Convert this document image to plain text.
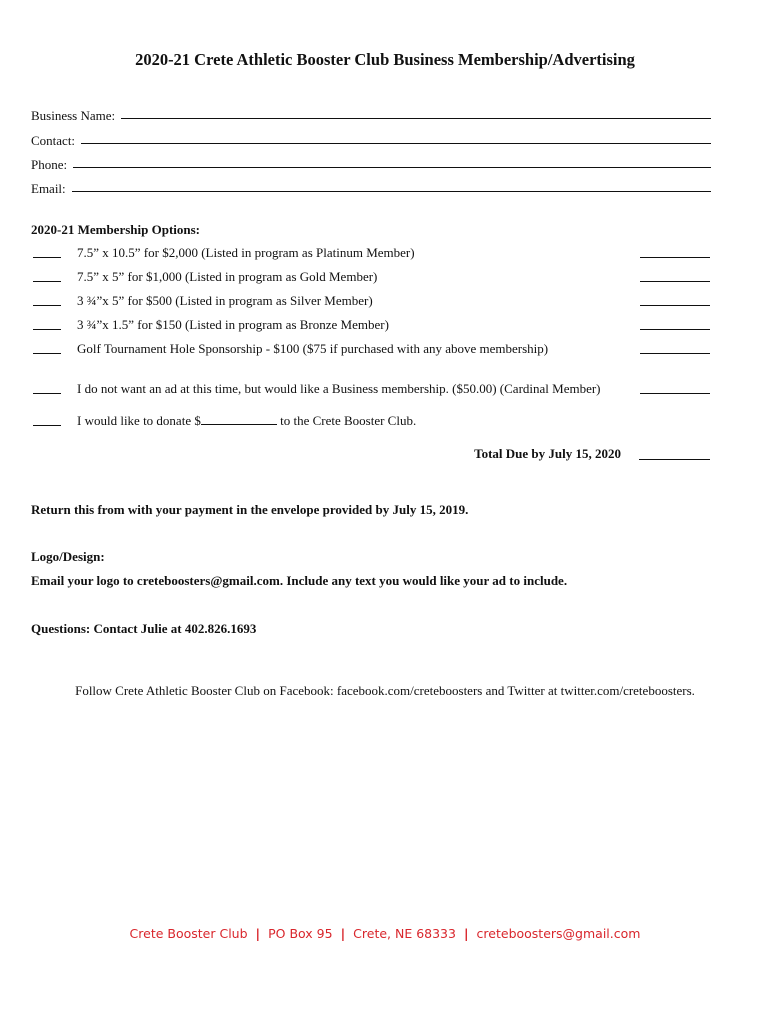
2020-21 Crete Athletic Booster Club Business Membership/Advertising
Business Name:
Contact:
Phone:
Email:
2020-21 Membership Options:
7.5” x 10.5” for $2,000 (Listed in program as Platinum Member)
7.5” x 5” for $1,000 (Listed in program as Gold Member)
3 ¾”x 5” for $500 (Listed in program as Silver Member)
3 ¾”x 1.5” for $150 (Listed in program as Bronze Member)
Golf Tournament Hole Sponsorship - $100 ($75 if purchased with any above membership)
I do not want an ad at this time, but would like a Business membership. ($50.00) (Cardinal Member)
I would like to donate $	to the Crete Booster Club.
Total Due by July 15, 2020
Return this from with your payment in the envelope provided by July 15, 2019.
Logo/Design:
Email your logo to creteboosters@gmail.com. Include any text you would like your ad to include.
Questions: Contact Julie at 402.826.1693
Follow Crete Athletic Booster Club on Facebook: facebook.com/creteboosters and Twitter at twitter.com/creteboosters.
Crete Booster Club | PO Box 95 | Crete, NE 68333 | creteboosters@gmail.com
